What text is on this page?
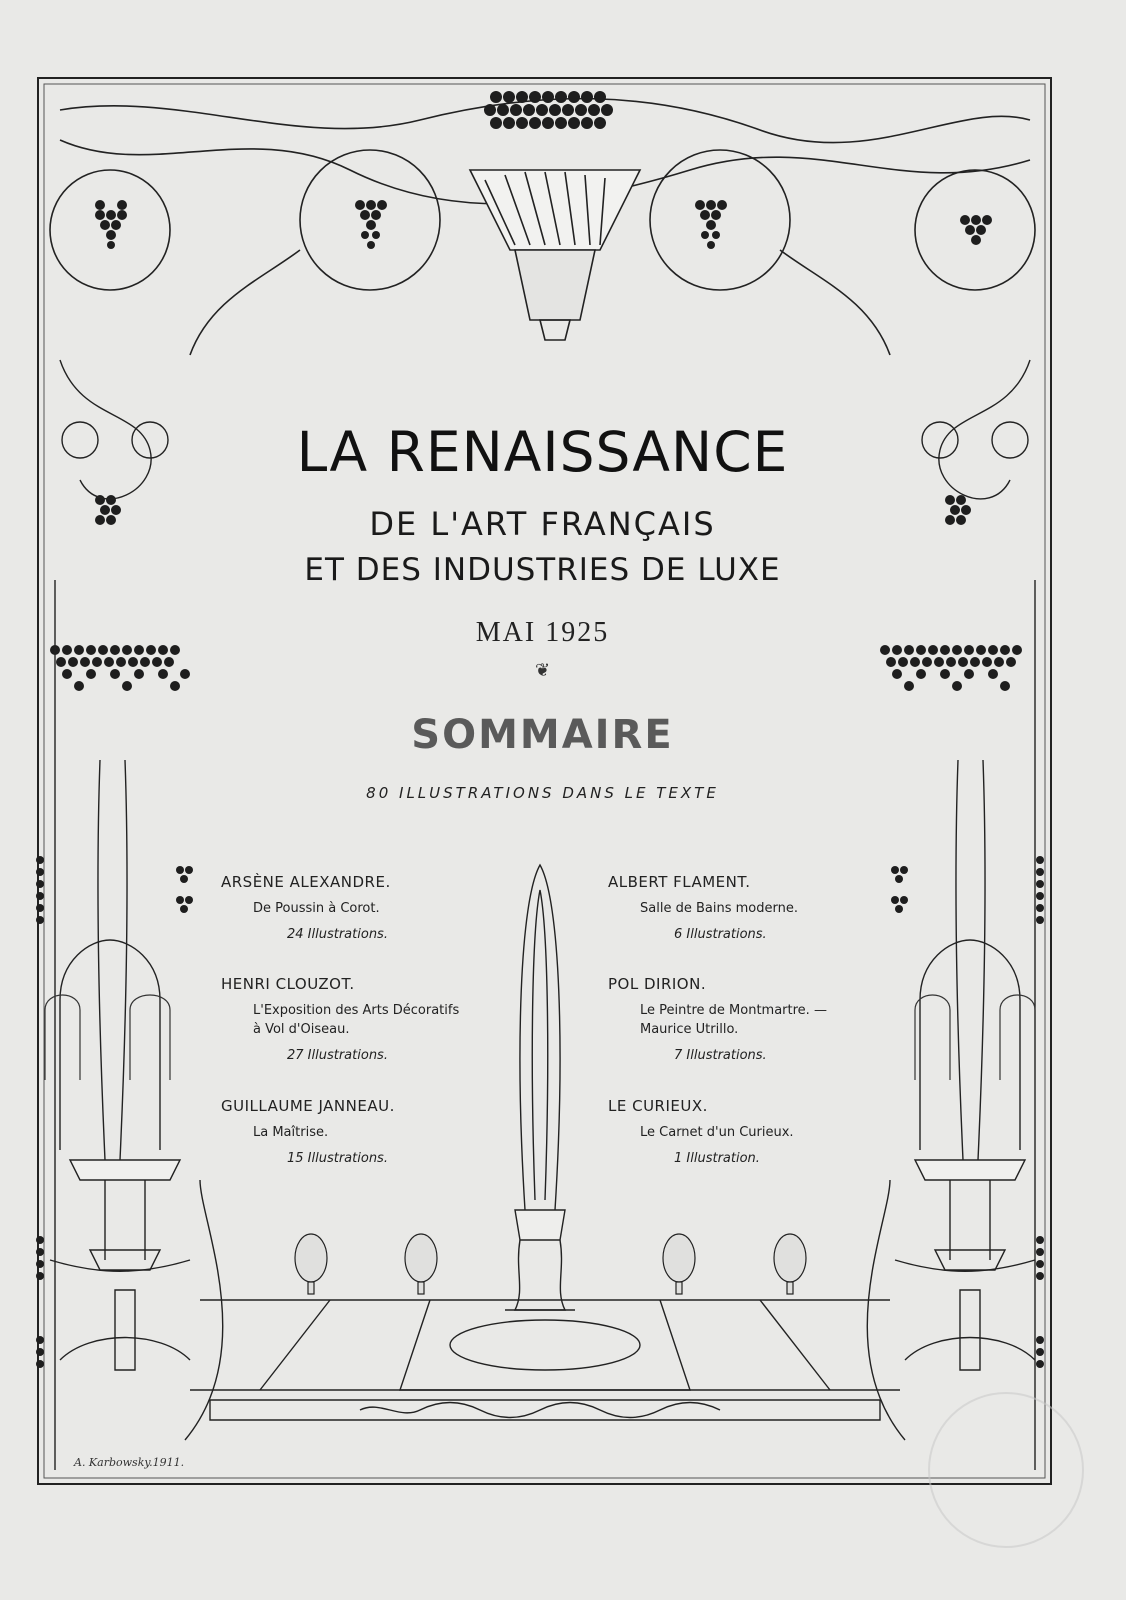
LA RENAISSANCE
DE L'ART FRANÇAIS
ET DES INDUSTRIES DE LUXE
MAI 1925
❦
SOMMAIRE
80 ILLUSTRATIONS DANS LE TEXTE
ARSÈNE ALEXANDRE.
De Poussin à Corot.
24 Illustrations.
HENRI CLOUZOT.
L'Exposition des Arts Décoratifs
à Vol d'Oiseau.
27 Illustrations.
GUILLAUME JANNEAU.
La Maîtrise.
15 Illustrations.
ALBERT FLAMENT.
Salle de Bains moderne.
6 Illustrations.
POL DIRION.
Le Peintre de Montmartre. —
Maurice Utrillo.
7 Illustrations.
LE CURIEUX.
Le Carnet d'un Curieux.
1 Illustration.
A. Karbowsky.1911.
